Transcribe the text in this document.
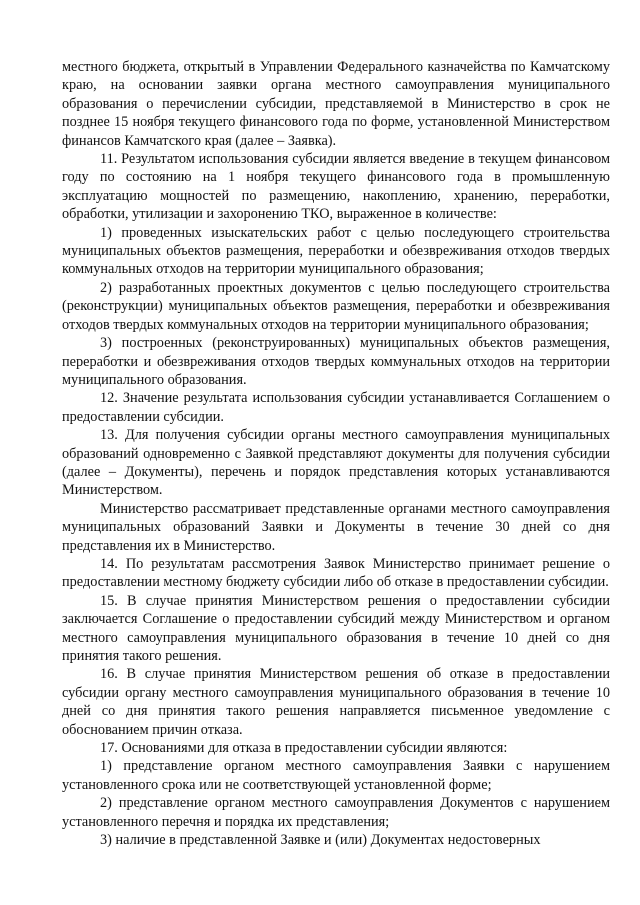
местного бюджета, открытый в Управлении Федерального казначейства по Камчатскому краю, на основании заявки органа местного самоуправления муниципального образования о перечислении субсидии, представляемой в Министерство в срок не позднее 15 ноября текущего финансового года по форме, установленной Министерством финансов Камчатского края (далее – Заявка).

11. Результатом использования субсидии является введение в текущем финансовом году по состоянию на 1 ноября текущего финансового года в промышленную эксплуатацию мощностей по размещению, накоплению, хранению, переработки, обработки, утилизации и захоронению ТКО, выраженное в количестве:

1) проведенных изыскательских работ с целью последующего строительства муниципальных объектов размещения, переработки и обезвреживания отходов твердых коммунальных отходов на территории муниципального образования;

2) разработанных проектных документов с целью последующего строительства (реконструкции) муниципальных объектов размещения, переработки и обезвреживания отходов твердых коммунальных отходов на территории муниципального образования;

3) построенных (реконструированных) муниципальных объектов размещения, переработки и обезвреживания отходов твердых коммунальных отходов на территории муниципального образования.

12. Значение результата использования субсидии устанавливается Соглашением о предоставлении субсидии.

13. Для получения субсидии органы местного самоуправления муниципальных образований одновременно с Заявкой представляют документы для получения субсидии (далее – Документы), перечень и порядок представления которых устанавливаются Министерством.

Министерство рассматривает представленные органами местного самоуправления муниципальных образований Заявки и Документы в течение 30 дней со дня представления их в Министерство.

14. По результатам рассмотрения Заявок Министерство принимает решение о предоставлении местному бюджету субсидии либо об отказе в предоставлении субсидии.

15. В случае принятия Министерством решения о предоставлении субсидии заключается Соглашение о предоставлении субсидий между Министерством и органом местного самоуправления муниципального образования в течение 10 дней со дня принятия такого решения.

16. В случае принятия Министерством решения об отказе в предоставлении субсидии органу местного самоуправления муниципального образования в течение 10 дней со дня принятия такого решения направляется письменное уведомление с обоснованием причин отказа.

17. Основаниями для отказа в предоставлении субсидии являются:

1) представление органом местного самоуправления Заявки с нарушением установленного срока или не соответствующей установленной форме;

2) представление органом местного самоуправления Документов с нарушением установленного перечня и порядка их представления;

3) наличие в представленной Заявке и (или) Документах недостоверных
